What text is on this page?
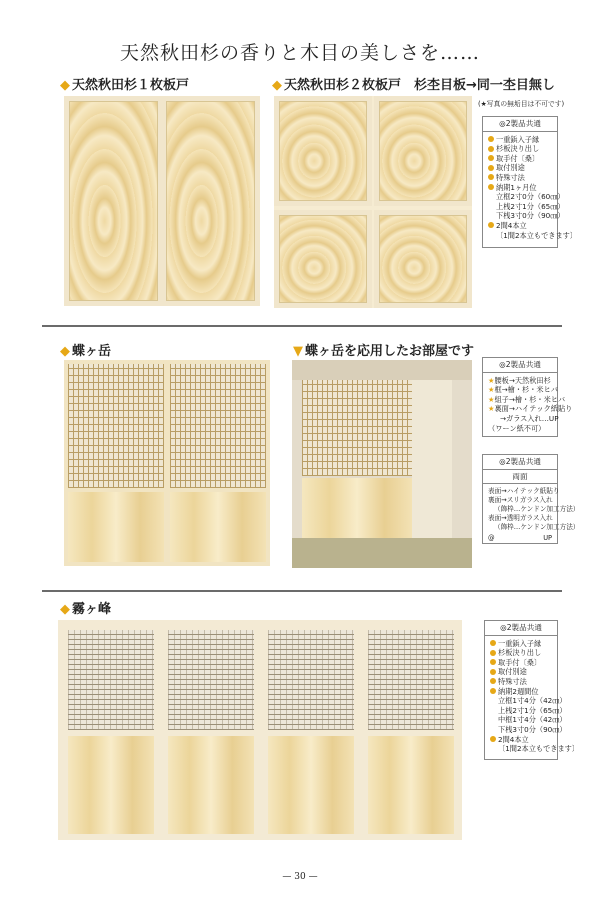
天然秋田杉の香りと木目の美しさを……
◆ 天然秋田杉１枚板戸	◆ 天然秋田杉２枚板戸　杉杢目板→同一杢目無し
(★写真の無垢目は不可です)
◎2製品共通
一重鋲入子縁
杉板決り出し
取手付〔桑〕
取付別途
特殊寸法
納期1ヶ月位
立框2寸0分（60㎝）
上桟2寸1分（65㎝）
下桟3寸0分（90㎝）
2間4本立
〔1間2本立もできます〕
◆ 蝶ヶ岳	▼ 蝶ヶ岳を応用したお部屋です
◎2製品共通
★腰板→天然秋田杉
★框→檜・杉・米ヒバ
★組子→檜・杉・米ヒバ
★裏面→ハイテック紙貼り
→ガラス入れ…UP
（ワーン紙不可）
◎2製品共通
両面
表面→ハイテック紙貼り
裏面→スリガラス入れ
（飾枠…ケンドン加工方法）
表面→透明ガラス入れ
（飾枠…ケンドン加工方法）
@	UP
◆ 霧ヶ峰
◎2製品共通
一重鋲入子縁
杉板決り出し
取手付〔桑〕
取付別途
特殊寸法
納期2週間位
立框1寸4分（42㎝）
上桟2寸1分（65㎝）
中框1寸4分（42㎝）
下桟3寸0分（90㎝）
2間4本立
〔1間2本立もできます〕
— 30 —
